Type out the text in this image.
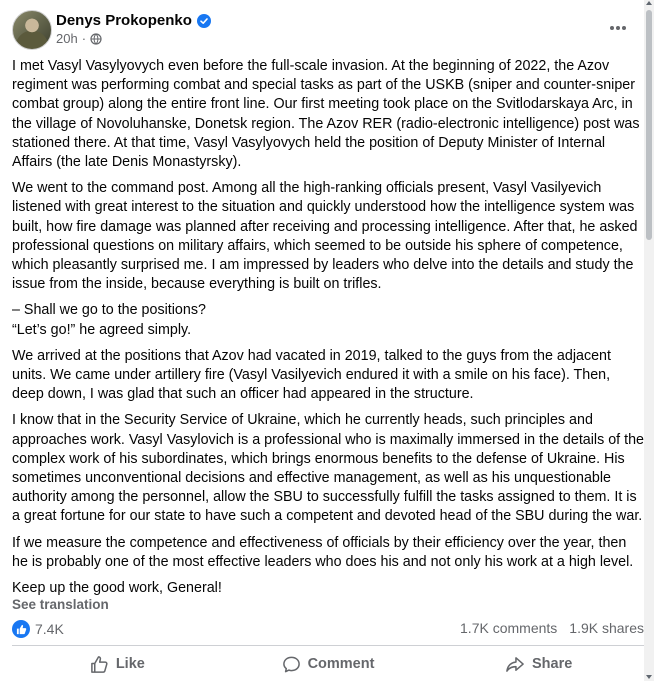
Denys Prokopenko
20h ·

I met Vasyl Vasylyovych even before the full-scale invasion. At the beginning of 2022, the Azov regiment was performing combat and special tasks as part of the USKB (sniper and counter-sniper combat group) along the entire front line. Our first meeting took place on the Svitlodarskaya Arc, in the village of Novoluhanske, Donetsk region. The Azov RER (radio-electronic intelligence) post was stationed there. At that time, Vasyl Vasylyovych held the position of Deputy Minister of Internal Affairs (the late Denis Monastyrsky).

We went to the command post. Among all the high-ranking officials present, Vasyl Vasilyevich listened with great interest to the situation and quickly understood how the intelligence system was built, how fire damage was planned after receiving and processing intelligence. After that, he asked professional questions on military affairs, which seemed to be outside his sphere of competence, which pleasantly surprised me. I am impressed by leaders who delve into the details and study the issue from the inside, because everything is built on trifles.

– Shall we go to the positions?

“Let’s go!” he agreed simply.

We arrived at the positions that Azov had vacated in 2019, talked to the guys from the adjacent units. We came under artillery fire (Vasyl Vasilyevich endured it with a smile on his face). Then, deep down, I was glad that such an officer had appeared in the structure.

I know that in the Security Service of Ukraine, which he currently heads, such principles and approaches work. Vasyl Vasylovich is a professional who is maximally immersed in the details of the complex work of his subordinates, which brings enormous benefits to the defense of Ukraine. His sometimes unconventional decisions and effective management, as well as his unquestionable authority among the personnel, allow the SBU to successfully fulfill the tasks assigned to them. It is a great fortune for our state to have such a competent and devoted head of the SBU during the war.

If we measure the competence and effectiveness of officials by their efficiency over the year, then he is probably one of the most effective leaders who does his and not only his work at a high level.

Keep up the good work, General!

See translation
7.4K	1.7K comments 1.9K shares
Like	Comment	Share
